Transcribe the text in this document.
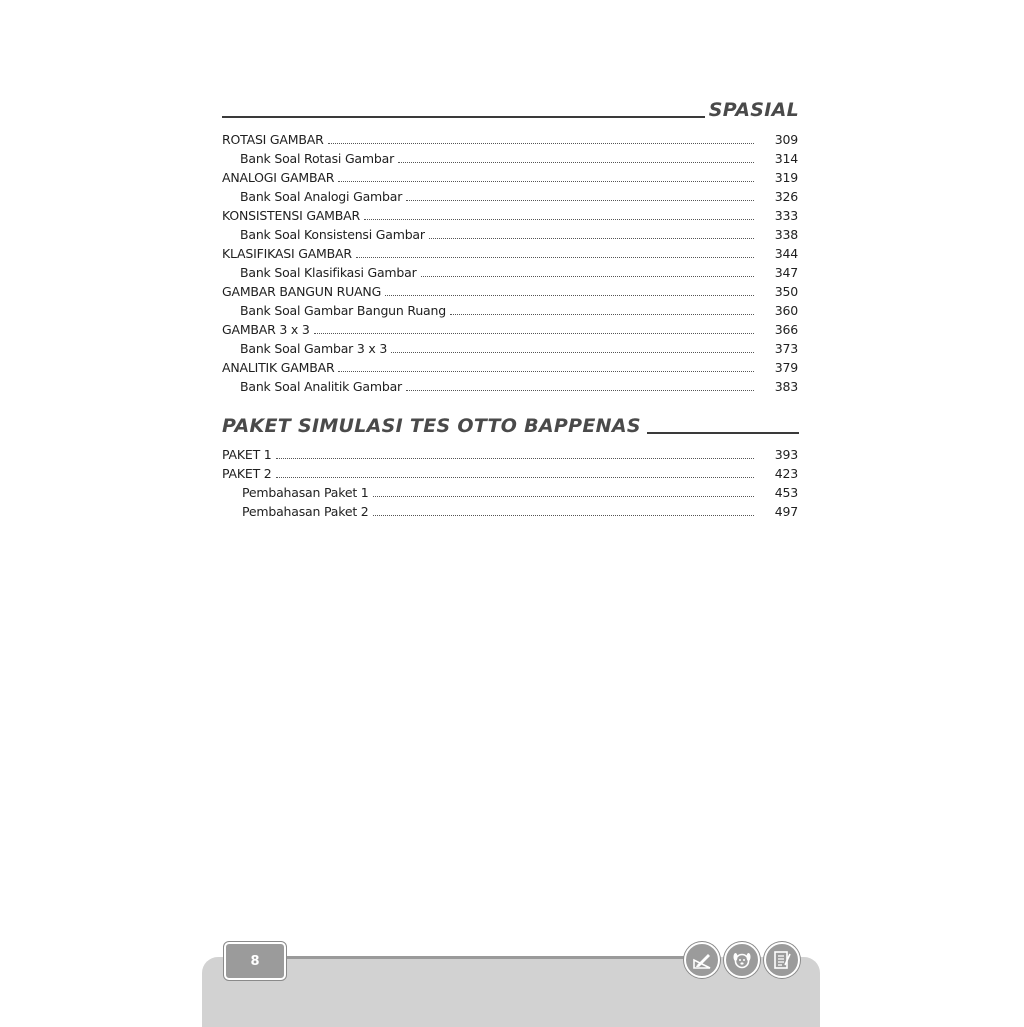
SPASIAL
ROTASI GAMBAR	309
Bank Soal Rotasi Gambar	314
ANALOGI GAMBAR	319
Bank Soal Analogi Gambar	326
KONSISTENSI GAMBAR	333
Bank Soal Konsistensi Gambar	338
KLASIFIKASI GAMBAR	344
Bank Soal Klasifikasi Gambar	347
GAMBAR BANGUN RUANG	350
Bank Soal Gambar Bangun Ruang	360
GAMBAR 3 x 3	366
Bank Soal Gambar 3 x 3	373
ANALITIK GAMBAR	379
Bank Soal Analitik Gambar	383
PAKET SIMULASI TES OTTO BAPPENAS
PAKET 1	393
PAKET 2	423
Pembahasan Paket 1	453
Pembahasan Paket 2	497
8
